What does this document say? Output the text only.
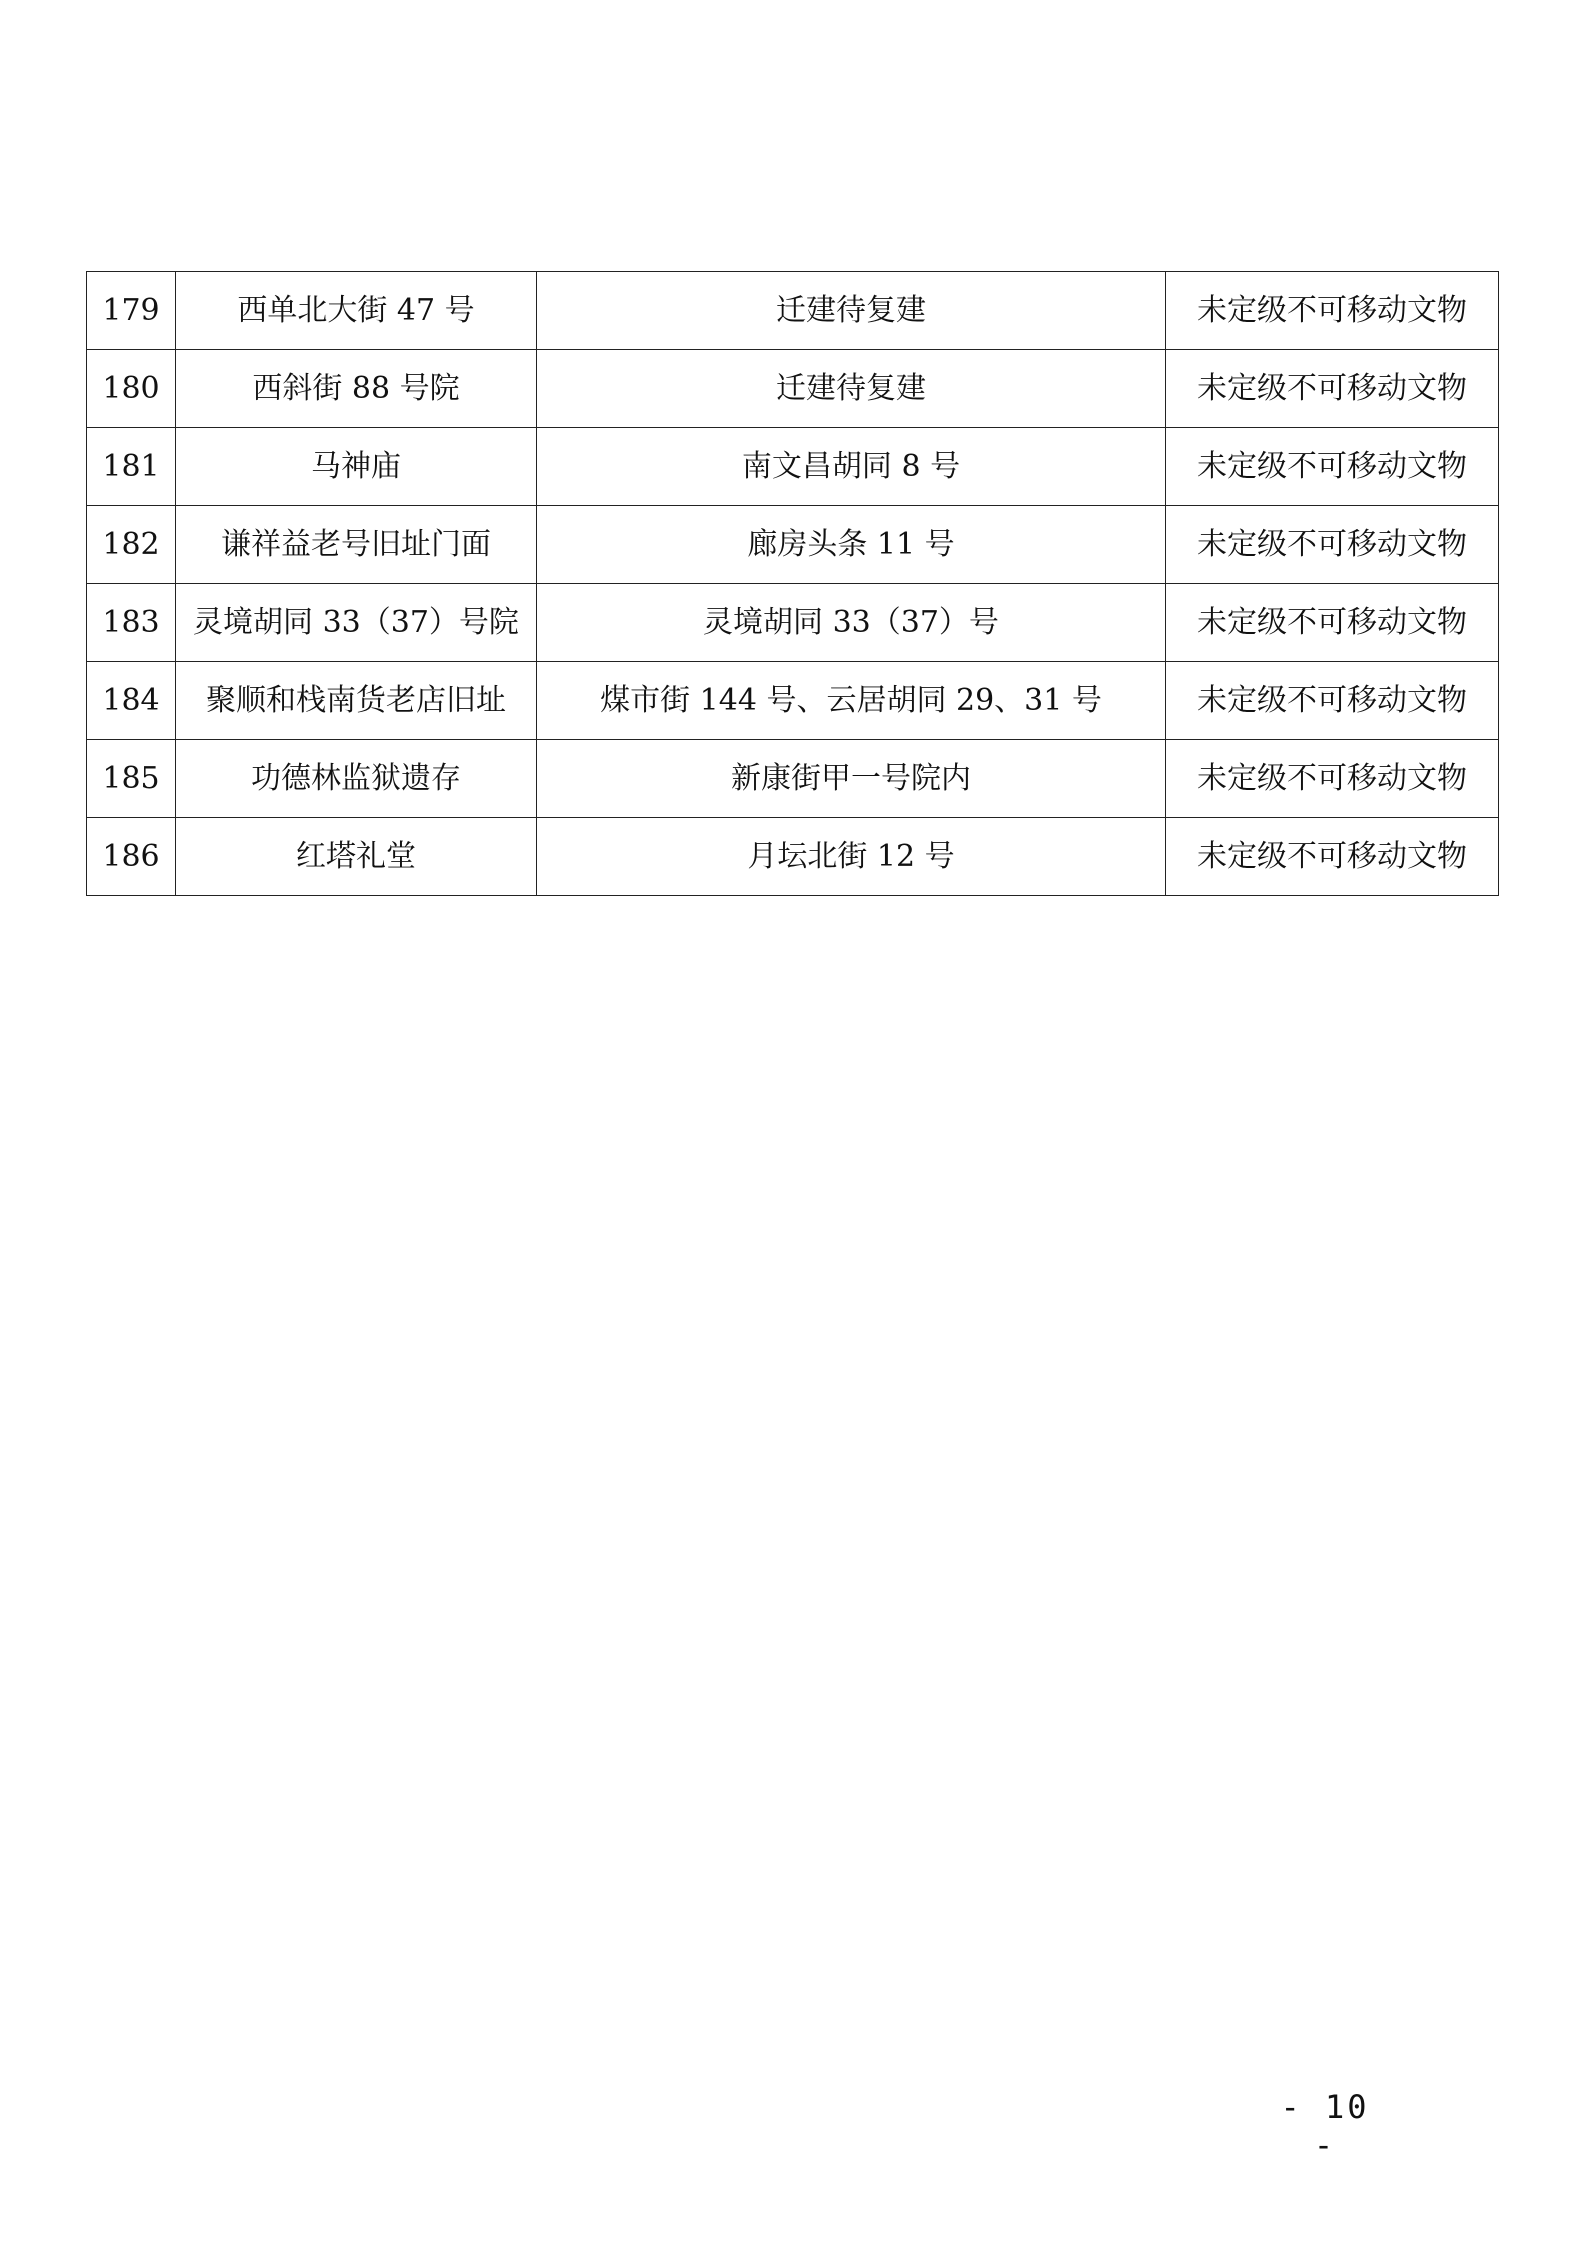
179	西单北大街 47 号	迁建待复建	未定级不可移动文物
180	西斜街 88 号院	迁建待复建	未定级不可移动文物
181	马神庙	南文昌胡同 8 号	未定级不可移动文物
182	谦祥益老号旧址门面	廊房头条 11 号	未定级不可移动文物
183	灵境胡同 33（37）号院	灵境胡同 33（37）号	未定级不可移动文物
184	聚顺和栈南货老店旧址	煤市街 144 号、云居胡同 29、31 号	未定级不可移动文物
185	功德林监狱遗存	新康街甲一号院内	未定级不可移动文物
186	红塔礼堂	月坛北街 12 号	未定级不可移动文物
- 10 -
